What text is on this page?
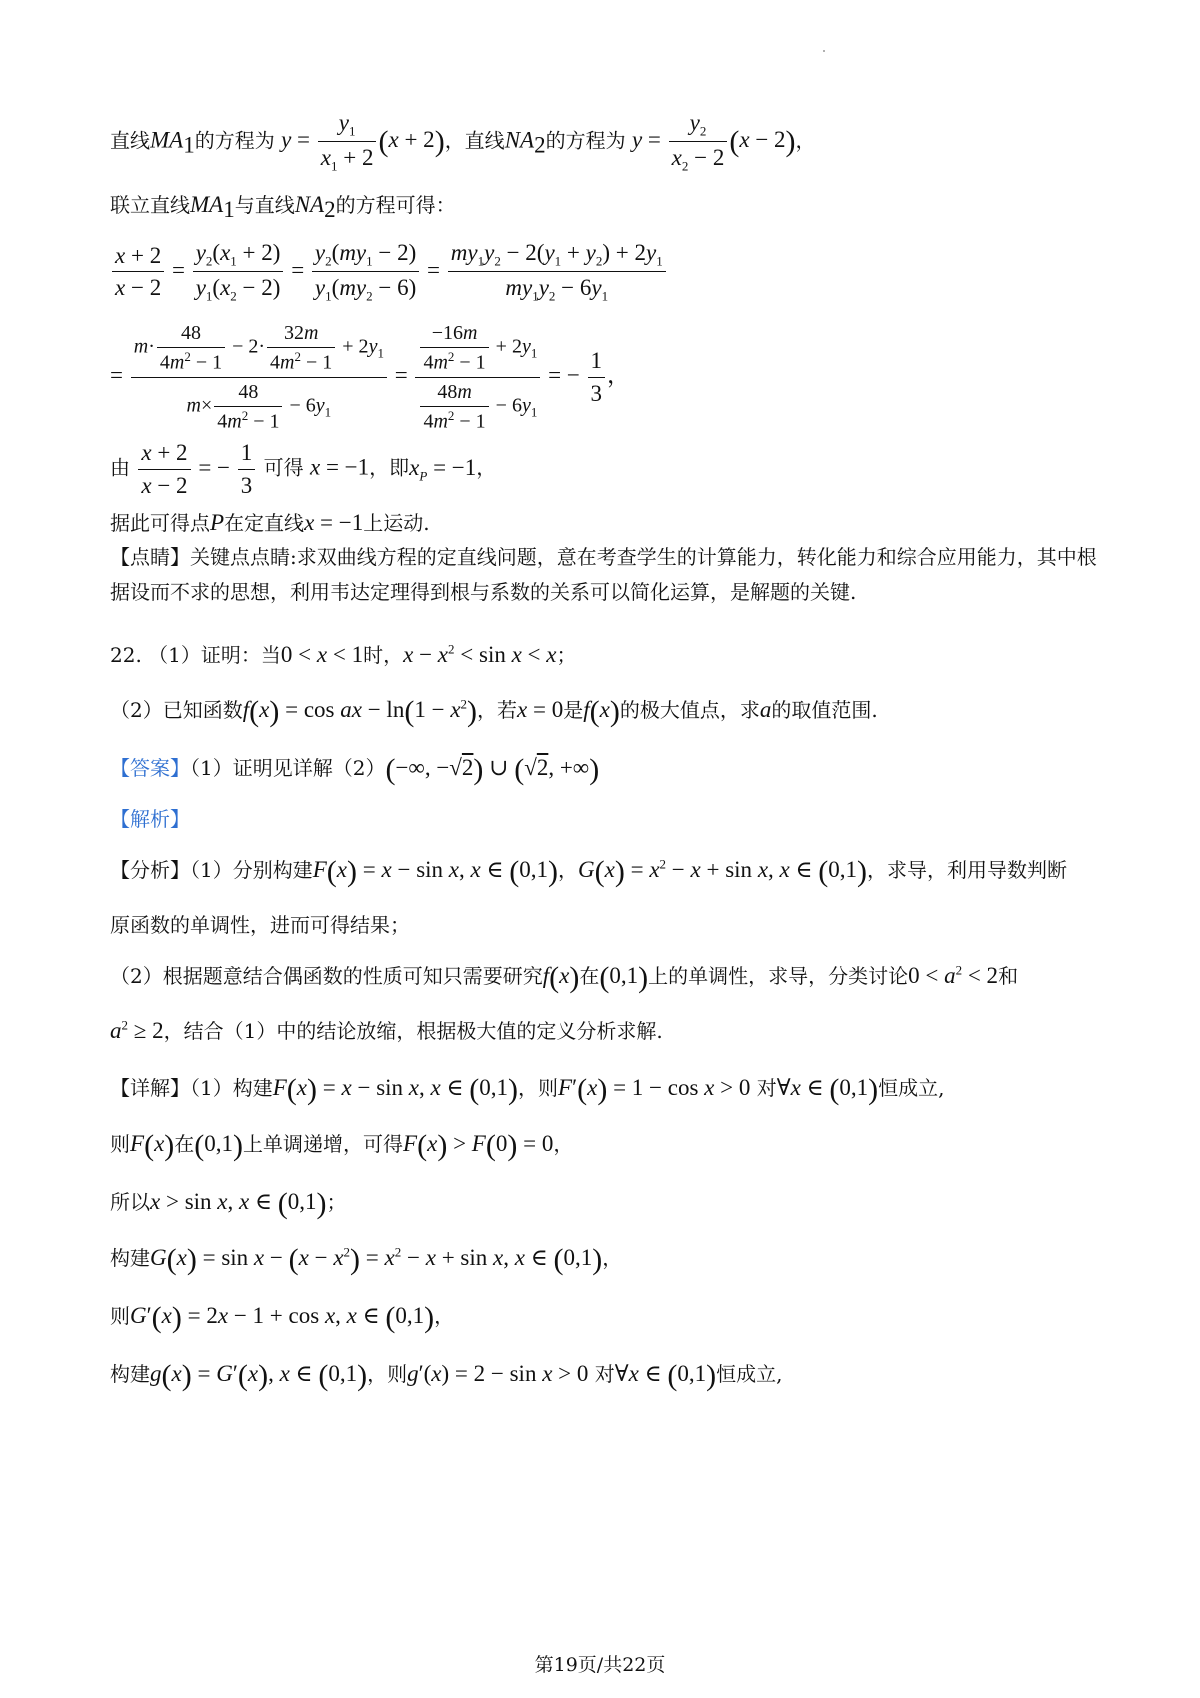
直线$MA_1$的方程为 $y = \frac{y_1}{x_1 + 2} (x + 2)$，直线$NA_2$的方程为 $y = \frac{y_2}{x_2 - 2} (x - 2)$，
联立直线$MA_1$与直线$NA_2$的方程可得：
$\frac{x + 2}{x - 2} = \frac{y_2(x_1 + 2)}{y_1(x_2 - 2)} = \frac{y_2(my_1 - 2)}{y_1(my_2 - 6)} = \frac{my_1y_2 - 2(y_1 + y_2) + 2y_1}{my_1y_2 - 6y_1}$
= $\frac{m\cdot \frac{48}{4m^2 - 1} - 2\cdot \frac{32m}{4m^2 - 1} + 2y_1}{m\times \frac{48}{4m^2 - 1} - 6y_1} = \frac{\frac{-16m}{4m^2 - 1} + 2y_1}{\frac{48m}{4m^2 - 1} - 6y_1}$ = − $\frac{1}{3}$ ，
由 $\frac{x + 2}{x - 2}$ = − $\frac{1}{3}$ 可得 x = −1，即$x_P = -1$，
据此可得点P在定直线x = −1上运动.
【点睛】关键点点睛:求双曲线方程的定直线问题，意在考查学生的计算能力，转化能力和综合应用能力，其中根据设而不求的思想，利用韦达定理得到根与系数的关系可以简化运算，是解题的关键.
22. （1）证明：当0 < x < 1时，$x - x^2 < \sin x < x$；
（2）已知函数f(x) = cos ax − $\ln(1 - x^2)$，若x = 0是f(x)的极大值点，求a的取值范围.
【答案】（1）证明见详解（2）(−∞, −√2) ∪ (√2, +∞)
【解析】
【分析】（1）分别构建F(x) = x − sin x, x ∈ (0,1)，$G(x) = x^2 - x + \sin x$, x ∈ (0,1)，求导，利用导数判断
原函数的单调性，进而可得结果；
（2）根据题意结合偶函数的性质可知只需要研究f(x)在(0,1)上的单调性，求导，分类讨论$0 < a^2 < 2$和
$a^2 \ge 2$，结合（1）中的结论放缩，根据极大值的定义分析求解.
【详解】（1）构建F(x) = x − sin x, x ∈ (0,1)，则F′(x) = 1 − cos x > 0 对∀x ∈ (0,1)恒成立,
则F(x)在(0,1)上单调递增，可得F(x) > F(0) = 0，
所以x > sin x, x ∈ (0,1)；
构建$G(x) = \sin x - (x - x^2) = x^2 - x + \sin x$, x ∈ (0,1)，
则G′(x) = 2x − 1 + cos x, x ∈ (0,1)，
构建g(x) = G′(x), x ∈ (0,1)，则g′(x) = 2 − sin x > 0 对∀x ∈ (0,1)恒成立,
第19页/共22页
